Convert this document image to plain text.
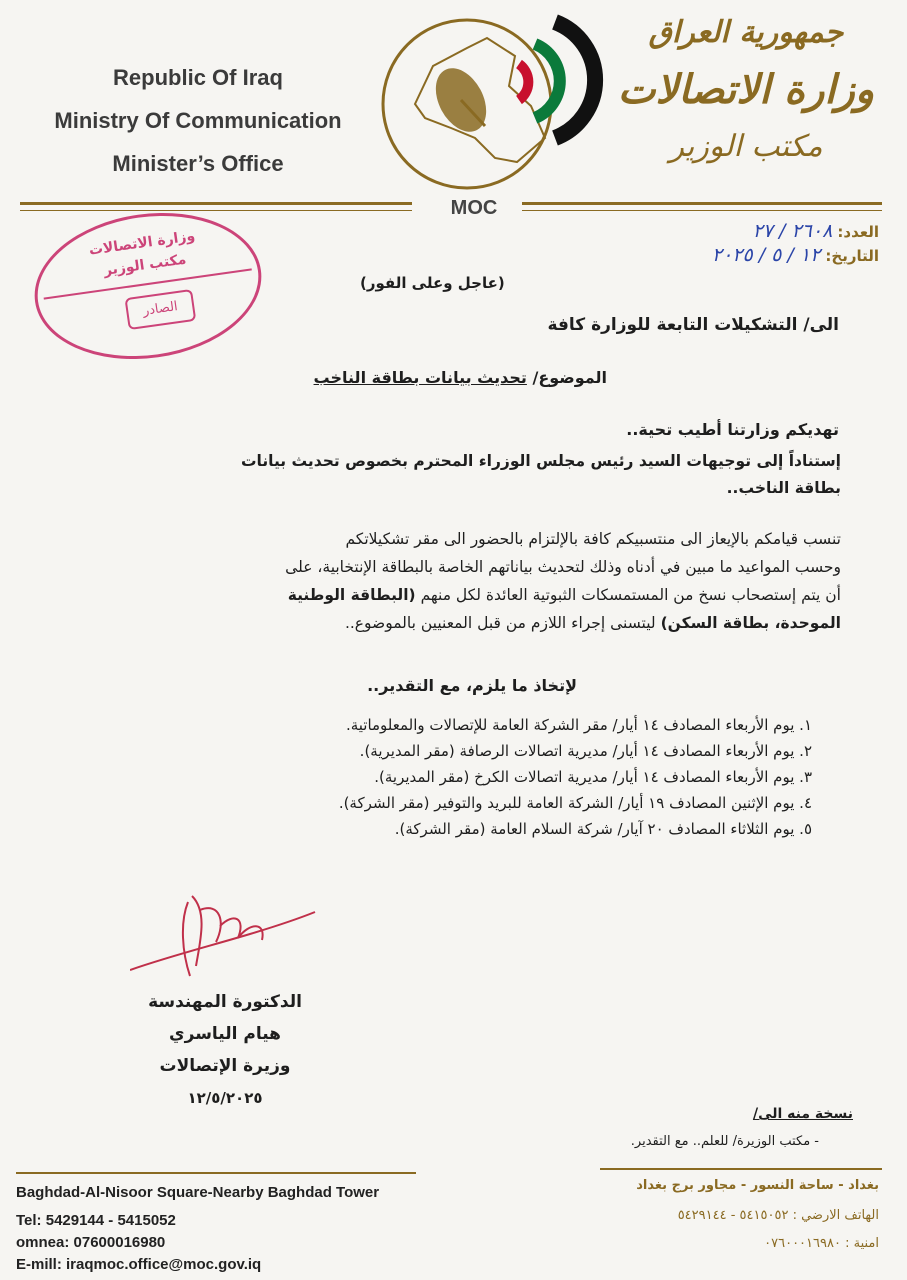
Republic Of Iraq
Ministry Of Communication
Minister’s Office
جمهورية العراق
وزارة الاتصالات
مكتب الوزير
MOC
العدد: ٢٦٠٨ / ٢٧
التاريخ: ١٢ / ٥ / ٢٠٢٥
وزارة الاتصالات
مكتب الوزير
الصادر
(عاجل وعلى الفور)
الى/ التشكيلات التابعة للوزارة كافة
الموضوع/ تحديث بيانات بطاقة الناخب
تهديكم وزارتنا أطيب تحية..
إستناداً إلى توجيهات السيد رئيس مجلس الوزراء المحترم بخصوص تحديث بيانات
بطاقة الناخب..
تنسب قيامكم بالإيعاز الى منتسبيكم كافة بالإلتزام بالحضور الى مقر تشكيلاتكم
وحسب المواعيد ما مبين في أدناه وذلك لتحديث بياناتهم الخاصة بالبطاقة الإنتخابية، على
أن يتم إستصحاب نسخ من المستمسكات الثبوتية العائدة لكل منهم (البطاقة الوطنية
الموحدة، بطاقة السكن) ليتسنى إجراء اللازم من قبل المعنيين بالموضوع..
لإتخاذ ما يلزم، مع التقدير..
١. يوم الأربعاء المصادف ١٤ أيار/ مقر الشركة العامة للإتصالات والمعلوماتية.
٢. يوم الأربعاء المصادف ١٤ أيار/ مديرية اتصالات الرصافة (مقر المديرية).
٣. يوم الأربعاء المصادف ١٤ أيار/ مديرية اتصالات الكرخ (مقر المديرية).
٤. يوم الإثنين المصادف ١٩ أيار/ الشركة العامة للبريد والتوفير (مقر الشركة).
٥. يوم الثلاثاء المصادف ٢٠ آيار/ شركة السلام العامة (مقر الشركة).
الدكتورة المهندسة
هيام الياسري
وزيرة الإتصالات
١٢/٥/٢٠٢٥
نسخة منه الى/
- مكتب الوزيرة/ للعلم.. مع التقدير.
Baghdad-Al-Nisoor Square-Nearby Baghdad Tower
Tel: 5429144 - 5415052
omnea: 07600016980
E-mill: iraqmoc.office@moc.gov.iq
بغداد - ساحة النسور - مجاور برج بغداد
الهاتف الارضي : ٥٤١٥٠٥٢ - ٥٤٢٩١٤٤
امنية : ٠٧٦٠٠٠١٦٩٨٠
